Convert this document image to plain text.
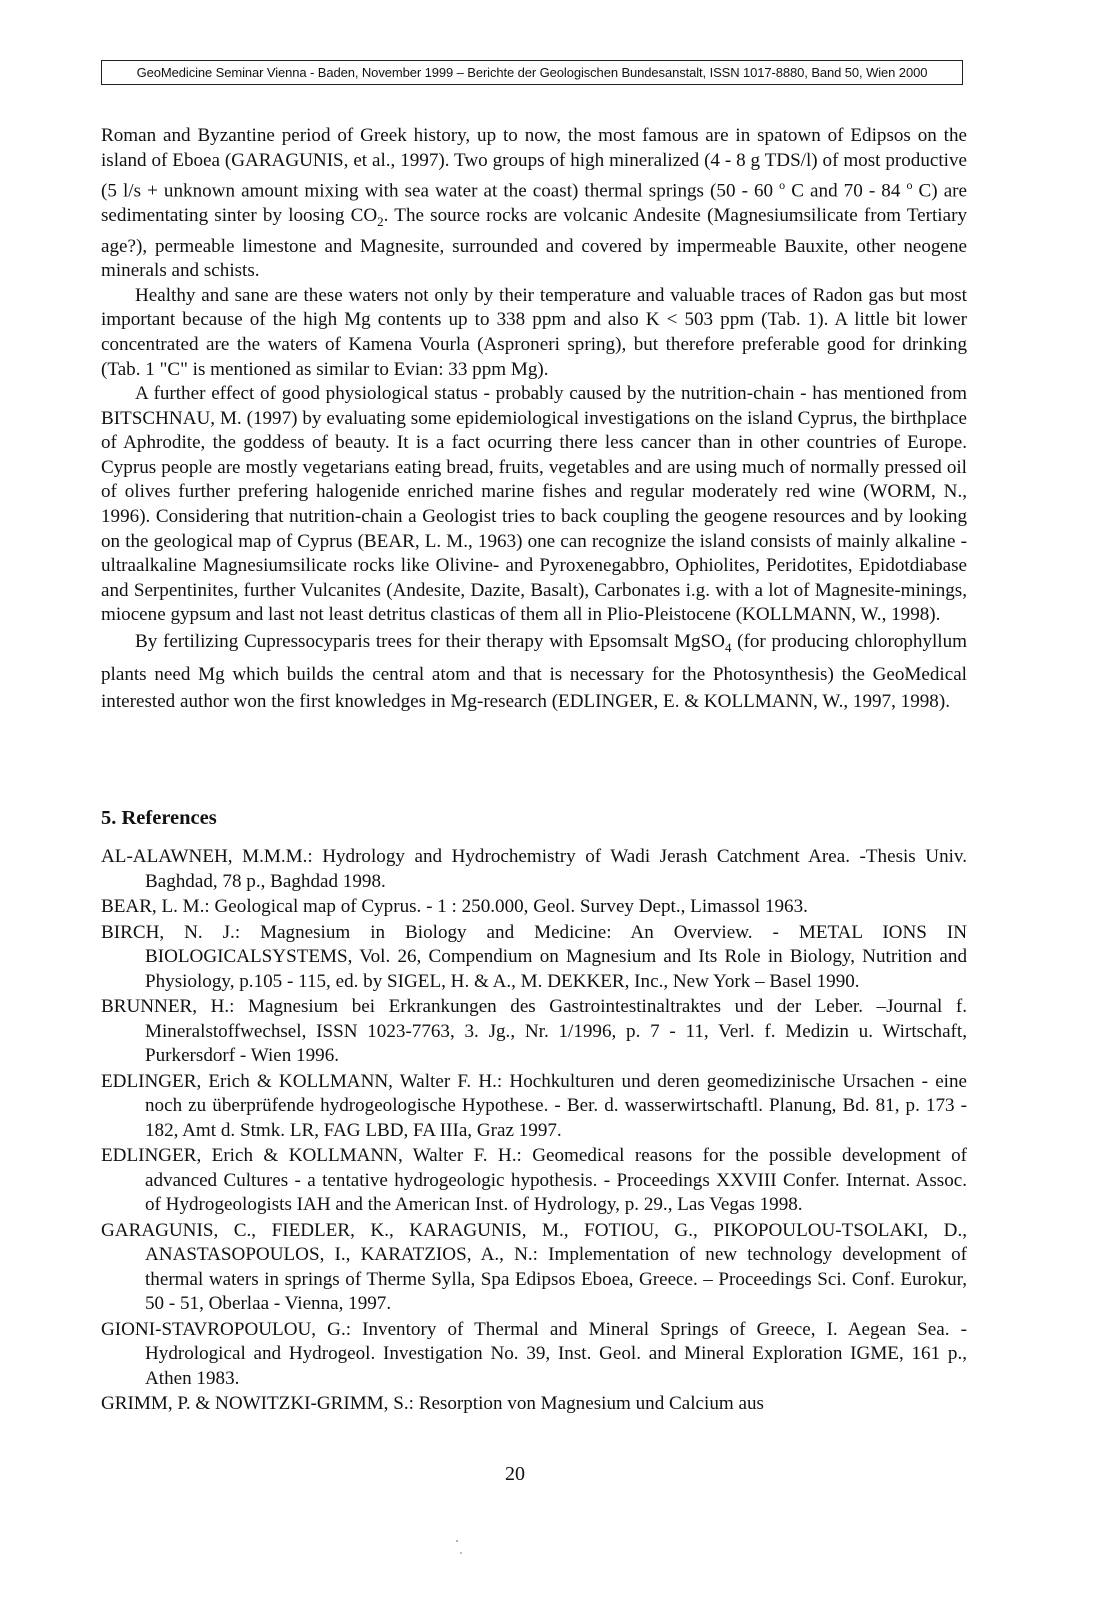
GeoMedicine Seminar Vienna - Baden, November 1999 – Berichte der Geologischen Bundesanstalt, ISSN 1017-8880, Band 50, Wien 2000

Roman and Byzantine period of Greek history, up to now, the most famous are in spatown of Edipsos on the island of Eboea (GARAGUNIS, et al., 1997). Two groups of high mineralized (4 - 8 g TDS/l) of most productive (5 l/s + unknown amount mixing with sea water at the coast) thermal springs (50 - 60 $^o$ C and 70 - 84 $^o$ C) are sedimentating sinter by loosing $CO_2$. The source rocks are volcanic Andesite (Magnesiumsilicate from Tertiary age?), permeable limestone and Magnesite, surrounded and covered by impermeable Bauxite, other neogene minerals and schists.

Healthy and sane are these waters not only by their temperature and valuable traces of Radon gas but most important because of the high Mg contents up to 338 ppm and also K < 503 ppm (Tab. 1). A little bit lower concentrated are the waters of Kamena Vourla (Asproneri spring), but therefore preferable good for drinking (Tab. 1 "C" is mentioned as similar to Evian: 33 ppm Mg).

A further effect of good physiological status - probably caused by the nutrition-chain - has mentioned from BITSCHNAU, M. (1997) by evaluating some epidemiological investigations on the island Cyprus, the birthplace of Aphrodite, the goddess of beauty. It is a fact ocurring there less cancer than in other countries of Europe. Cyprus people are mostly vegetarians eating bread, fruits, vegetables and are using much of normally pressed oil of olives further prefering halogenide enriched marine fishes and regular moderately red wine (WORM, N., 1996). Considering that nutrition-chain a Geologist tries to back coupling the geogene resources and by looking on the geological map of Cyprus (BEAR, L. M., 1963) one can recognize the island consists of mainly alkaline - ultraalkaline Magnesiumsilicate rocks like Olivine- and Pyroxenegabbro, Ophiolites, Peridotites, Epidotdiabase and Serpentinites, further Vulcanites (Andesite, Dazite, Basalt), Carbonates i.g. with a lot of Magnesite-minings, miocene gypsum and last not least detritus clasticas of them all in Plio-Pleistocene (KOLLMANN, W., 1998).

By fertilizing Cupressocyparis trees for their therapy with Epsomsalt MgSO$_4$ (for producing chlorophyllum plants need Mg which builds the central atom and that is necessary for the Photosynthesis) the GeoMedical interested author won the first knowledges in Mg-research (EDLINGER, E. & KOLLMANN, W., 1997, 1998).

5. References
AL-ALAWNEH, M.M.M.: Hydrology and Hydrochemistry of Wadi Jerash Catchment Area. -Thesis Univ. Baghdad, 78 p., Baghdad 1998.
BEAR, L. M.: Geological map of Cyprus. - 1 : 250.000, Geol. Survey Dept., Limassol 1963.
BIRCH, N. J.: Magnesium in Biology and Medicine: An Overview. - METAL IONS IN BIOLOGICALSYSTEMS, Vol. 26, Compendium on Magnesium and Its Role in Biology, Nutrition and Physiology, p.105 - 115, ed. by SIGEL, H. & A., M. DEKKER, Inc., New York – Basel 1990.
BRUNNER, H.: Magnesium bei Erkrankungen des Gastrointestinaltraktes und der Leber. –Journal f. Mineralstoffwechsel, ISSN 1023-7763, 3. Jg., Nr. 1/1996, p. 7 - 11, Verl. f. Medizin u. Wirtschaft, Purkersdorf - Wien 1996.
EDLINGER, Erich & KOLLMANN, Walter F. H.: Hochkulturen und deren geomedizinische Ursachen - eine noch zu überprüfende hydrogeologische Hypothese. - Ber. d. wasserwirtschaftl. Planung, Bd. 81, p. 173 - 182, Amt d. Stmk. LR, FAG LBD, FA IIIa, Graz 1997.
EDLINGER, Erich & KOLLMANN, Walter F. H.: Geomedical reasons for the possible development of advanced Cultures - a tentative hydrogeologic hypothesis. - Proceedings XXVIII Confer. Internat. Assoc. of Hydrogeologists IAH and the American Inst. of Hydrology, p. 29., Las Vegas 1998.
GARAGUNIS, C., FIEDLER, K., KARAGUNIS, M., FOTIOU, G., PIKOPOULOU-TSOLAKI, D., ANASTASOPOULOS, I., KARATZIOS, A., N.: Implementation of new technology development of thermal waters in springs of Therme Sylla, Spa Edipsos Eboea, Greece. – Proceedings Sci. Conf. Eurokur, 50 - 51, Oberlaa - Vienna, 1997.
GIONI-STAVROPOULOU, G.: Inventory of Thermal and Mineral Springs of Greece, I. Aegean Sea. - Hydrological and Hydrogeol. Investigation No. 39, Inst. Geol. and Mineral Exploration IGME, 161 p., Athen 1983.
GRIMM, P. & NOWITZKI-GRIMM, S.: Resorption von Magnesium und Calcium aus
20
